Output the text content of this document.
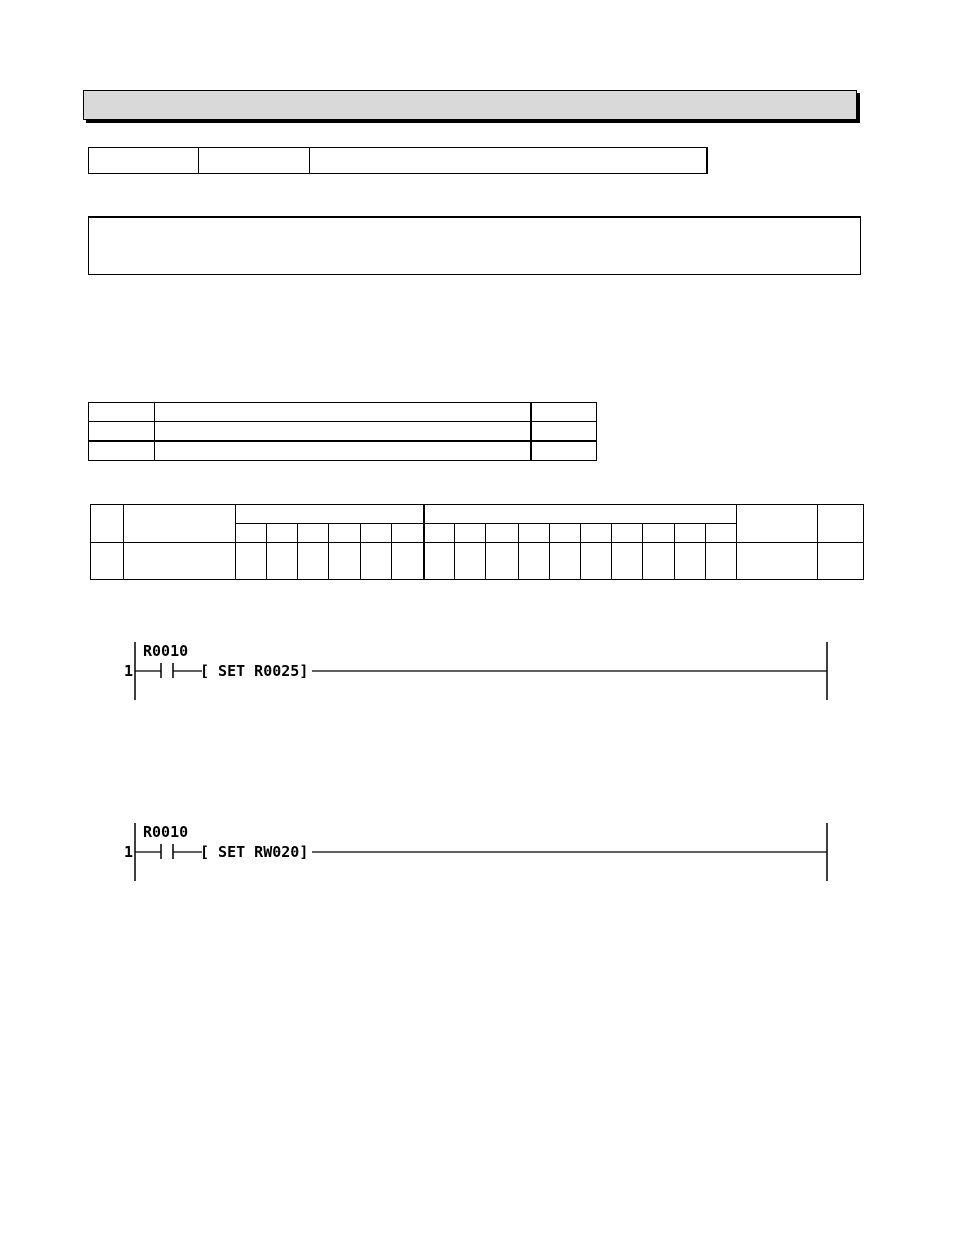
R0010
1	[ SET R0025]
R0010
1	[ SET RW020]
